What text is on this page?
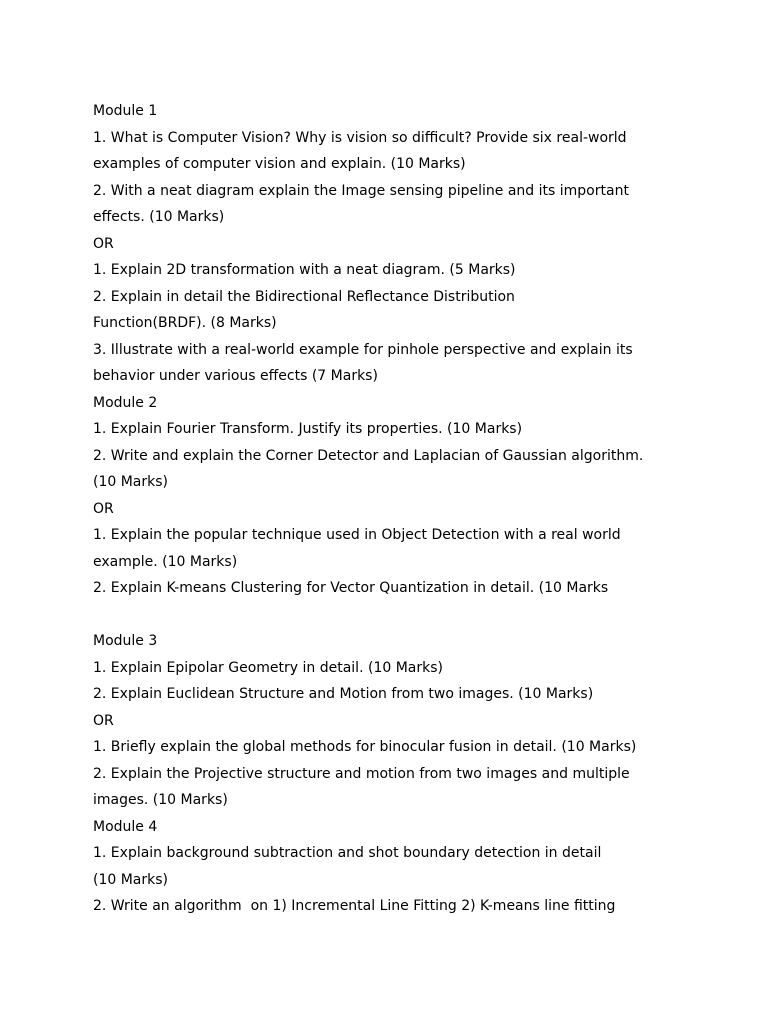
Module 1
1. What is Computer Vision? Why is vision so difficult? Provide six real-world
examples of computer vision and explain. (10 Marks)
2. With a neat diagram explain the Image sensing pipeline and its important
effects. (10 Marks)
OR
1. Explain 2D transformation with a neat diagram. (5 Marks)
2. Explain in detail the Bidirectional Reflectance Distribution
Function(BRDF). (8 Marks)
3. Illustrate with a real-world example for pinhole perspective and explain its
behavior under various effects (7 Marks)
Module 2
1. Explain Fourier Transform. Justify its properties. (10 Marks)
2. Write and explain the Corner Detector and Laplacian of Gaussian algorithm.
(10 Marks)
OR
1. Explain the popular technique used in Object Detection with a real world
example. (10 Marks)
2. Explain K-means Clustering for Vector Quantization in detail. (10 Marks
Module 3
1. Explain Epipolar Geometry in detail. (10 Marks)
2. Explain Euclidean Structure and Motion from two images. (10 Marks)
OR
1. Briefly explain the global methods for binocular fusion in detail. (10 Marks)
2. Explain the Projective structure and motion from two images and multiple
images. (10 Marks)
Module 4
1. Explain background subtraction and shot boundary detection in detail
(10 Marks)
2. Write an algorithm  on 1) Incremental Line Fitting 2) K-means line fitting
